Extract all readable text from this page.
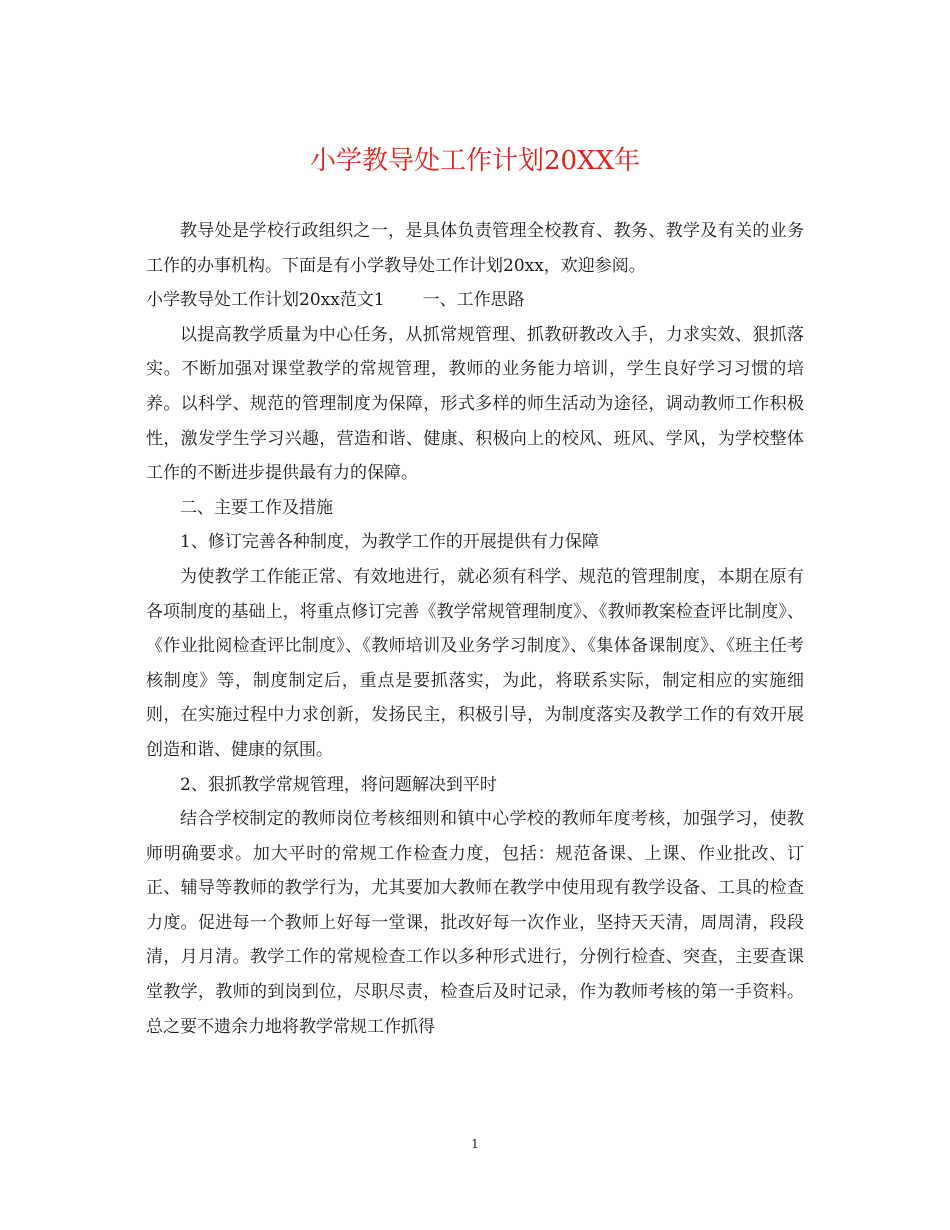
小学教导处工作计划20XX年

教导处是学校行政组织之一，是具体负责管理全校教育、教务、教学及有关的业务工作的办事机构。下面是有小学教导处工作计划20xx，欢迎参阅。

小学教导处工作计划20xx范文1 一、工作思路

以提高教学质量为中心任务，从抓常规管理、抓教研教改入手，力求实效、狠抓落实。不断加强对课堂教学的常规管理，教师的业务能力培训，学生良好学习习惯的培养。以科学、规范的管理制度为保障，形式多样的师生活动为途径，调动教师工作积极性，激发学生学习兴趣，营造和谐、健康、积极向上的校风、班风、学风，为学校整体工作的不断进步提供最有力的保障。

二、主要工作及措施

1、修订完善各种制度，为教学工作的开展提供有力保障

为使教学工作能正常、有效地进行，就必须有科学、规范的管理制度，本期在原有各项制度的基础上，将重点修订完善《教学常规管理制度》、《教师教案检查评比制度》、《作业批阅检查评比制度》、《教师培训及业务学习制度》、《集体备课制度》、《班主任考核制度》等，制度制定后，重点是要抓落实，为此，将联系实际，制定相应的实施细则，在实施过程中力求创新，发扬民主，积极引导，为制度落实及教学工作的有效开展创造和谐、健康的氛围。

2、狠抓教学常规管理，将问题解决到平时

结合学校制定的教师岗位考核细则和镇中心学校的教师年度考核，加强学习，使教师明确要求。加大平时的常规工作检查力度，包括：规范备课、上课、作业批改、订正、辅导等教师的教学行为，尤其要加大教师在教学中使用现有教学设备、工具的检查力度。促进每一个教师上好每一堂课，批改好每一次作业，坚持天天清，周周清，段段清，月月清。教学工作的常规检查工作以多种形式进行，分例行检查、突查，主要查课堂教学，教师的到岗到位，尽职尽责，检查后及时记录，作为教师考核的第一手资料。总之要不遗余力地将教学常规工作抓得

1
